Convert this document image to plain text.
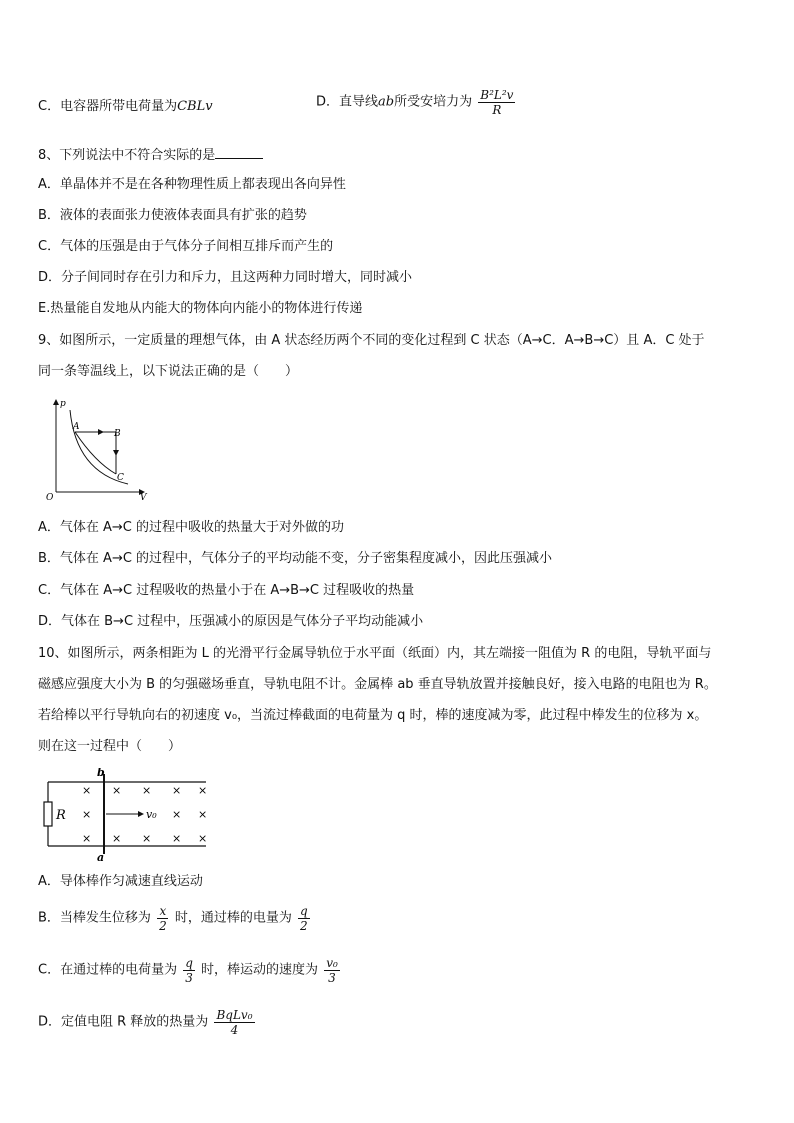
C．电容器所带电荷量为CBLv	D．直导线ab所受安培力为 $\frac{\text{B²L²v}}{R}$
8、下列说法中不符合实际的是
A．单晶体并不是在各种物理性质上都表现出各向异性
B．液体的表面张力使液体表面具有扩张的趋势
C．气体的压强是由于气体分子间相互排斥而产生的
D．分子间同时存在引力和斥力，且这两种力同时增大，同时减小
E.热量能自发地从内能大的物体向内能小的物体进行传递
9、如图所示，一定质量的理想气体，由 A 状态经历两个不同的变化过程到 C 状态（A→C．A→B→C）且 A．C 处于
同一条等温线上，以下说法正确的是（　　）
p
V
O
A
B
C
A．气体在 A→C 的过程中吸收的热量大于对外做的功
B．气体在 A→C 的过程中，气体分子的平均动能不变，分子密集程度减小，因此压强减小
C．气体在 A→C 过程吸收的热量小于在 A→B→C 过程吸收的热量
D．气体在 B→C 过程中，压强减小的原因是气体分子平均动能减小
10、如图所示，两条相距为 L 的光滑平行金属导轨位于水平面（纸面）内，其左端接一阻值为 R 的电阻，导轨平面与
磁感应强度大小为 B 的匀强磁场垂直，导轨电阻不计。金属棒 ab 垂直导轨放置并接触良好，接入电路的电阻也为 R。
若给棒以平行导轨向右的初速度 v₀，当流过棒截面的电荷量为 q 时，棒的速度减为零，此过程中棒发生的位移为 x。
则在这一过程中（　　）
R
b
a
×
×
×
×
×
×
×
×
×
×
×
×
×
v₀
A．导体棒作匀减速直线运动
B．当棒发生位移为 $\frac{x}{2}$ 时，通过棒的电量为 $\frac{q}{2}$
C．在通过棒的电荷量为 $\frac{q}{3}$ 时，棒运动的速度为 $\frac{\text{v₀}}{3}$
D．定值电阻 R 释放的热量为 $\frac{\text{BqLv₀}}{4}$
